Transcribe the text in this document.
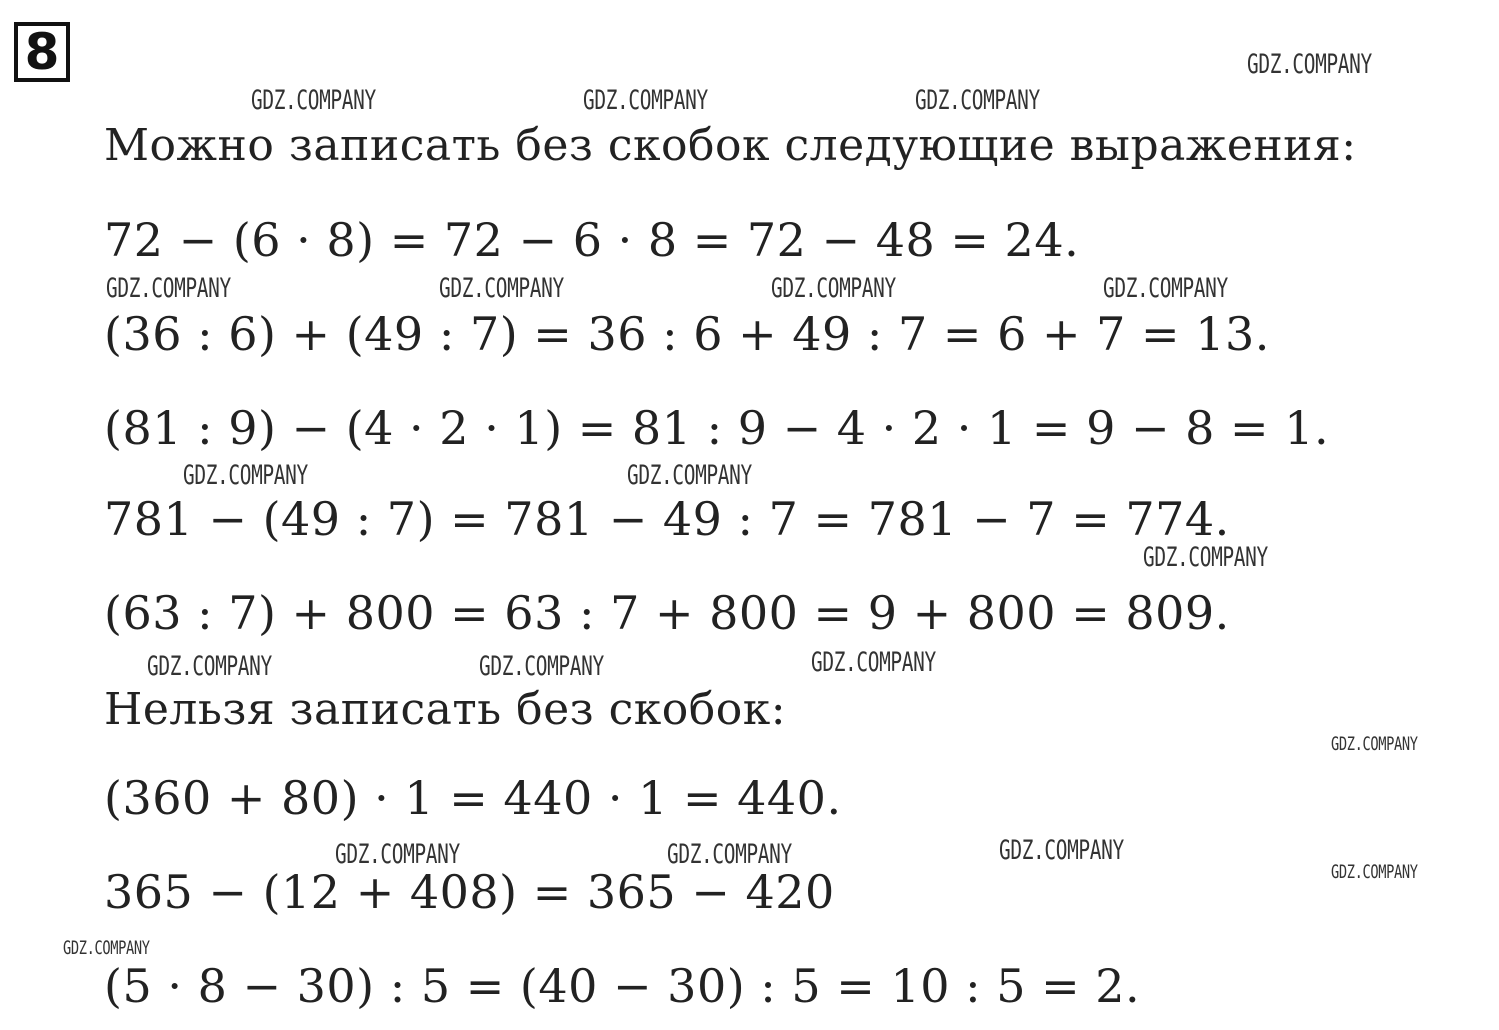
8
Можно записать без скобок следующие выражения:
72 − (6 · 8) = 72 − 6 · 8 = 72 − 48 = 24.
(36 : 6) + (49 : 7) = 36 : 6 + 49 : 7 = 6 + 7 = 13.
(81 : 9) − (4 · 2 · 1) = 81 : 9 − 4 · 2 · 1 = 9 − 8 = 1.
781 − (49 : 7) = 781 − 49 : 7 = 781 − 7 = 774.
(63 : 7) + 800 = 63 : 7 + 800 = 9 + 800 = 809.
Нельзя записать без скобок:
(360 + 80) · 1 = 440 · 1 = 440.
365 − (12 + 408) = 365 − 420
(5 · 8 − 30) : 5 = (40 − 30) : 5 = 10 : 5 = 2.
GDZ.COMPANY
GDZ.COMPANY	GDZ.COMPANY	GDZ.COMPANY
GDZ.COMPANY	GDZ.COMPANY	GDZ.COMPANY	GDZ.COMPANY
GDZ.COMPANY	GDZ.COMPANY
GDZ.COMPANY
GDZ.COMPANY	GDZ.COMPANY	GDZ.COMPANY
GDZ.COMPANY
GDZ.COMPANY	GDZ.COMPANY	GDZ.COMPANY
GDZ.COMPANY
GDZ.COMPANY
